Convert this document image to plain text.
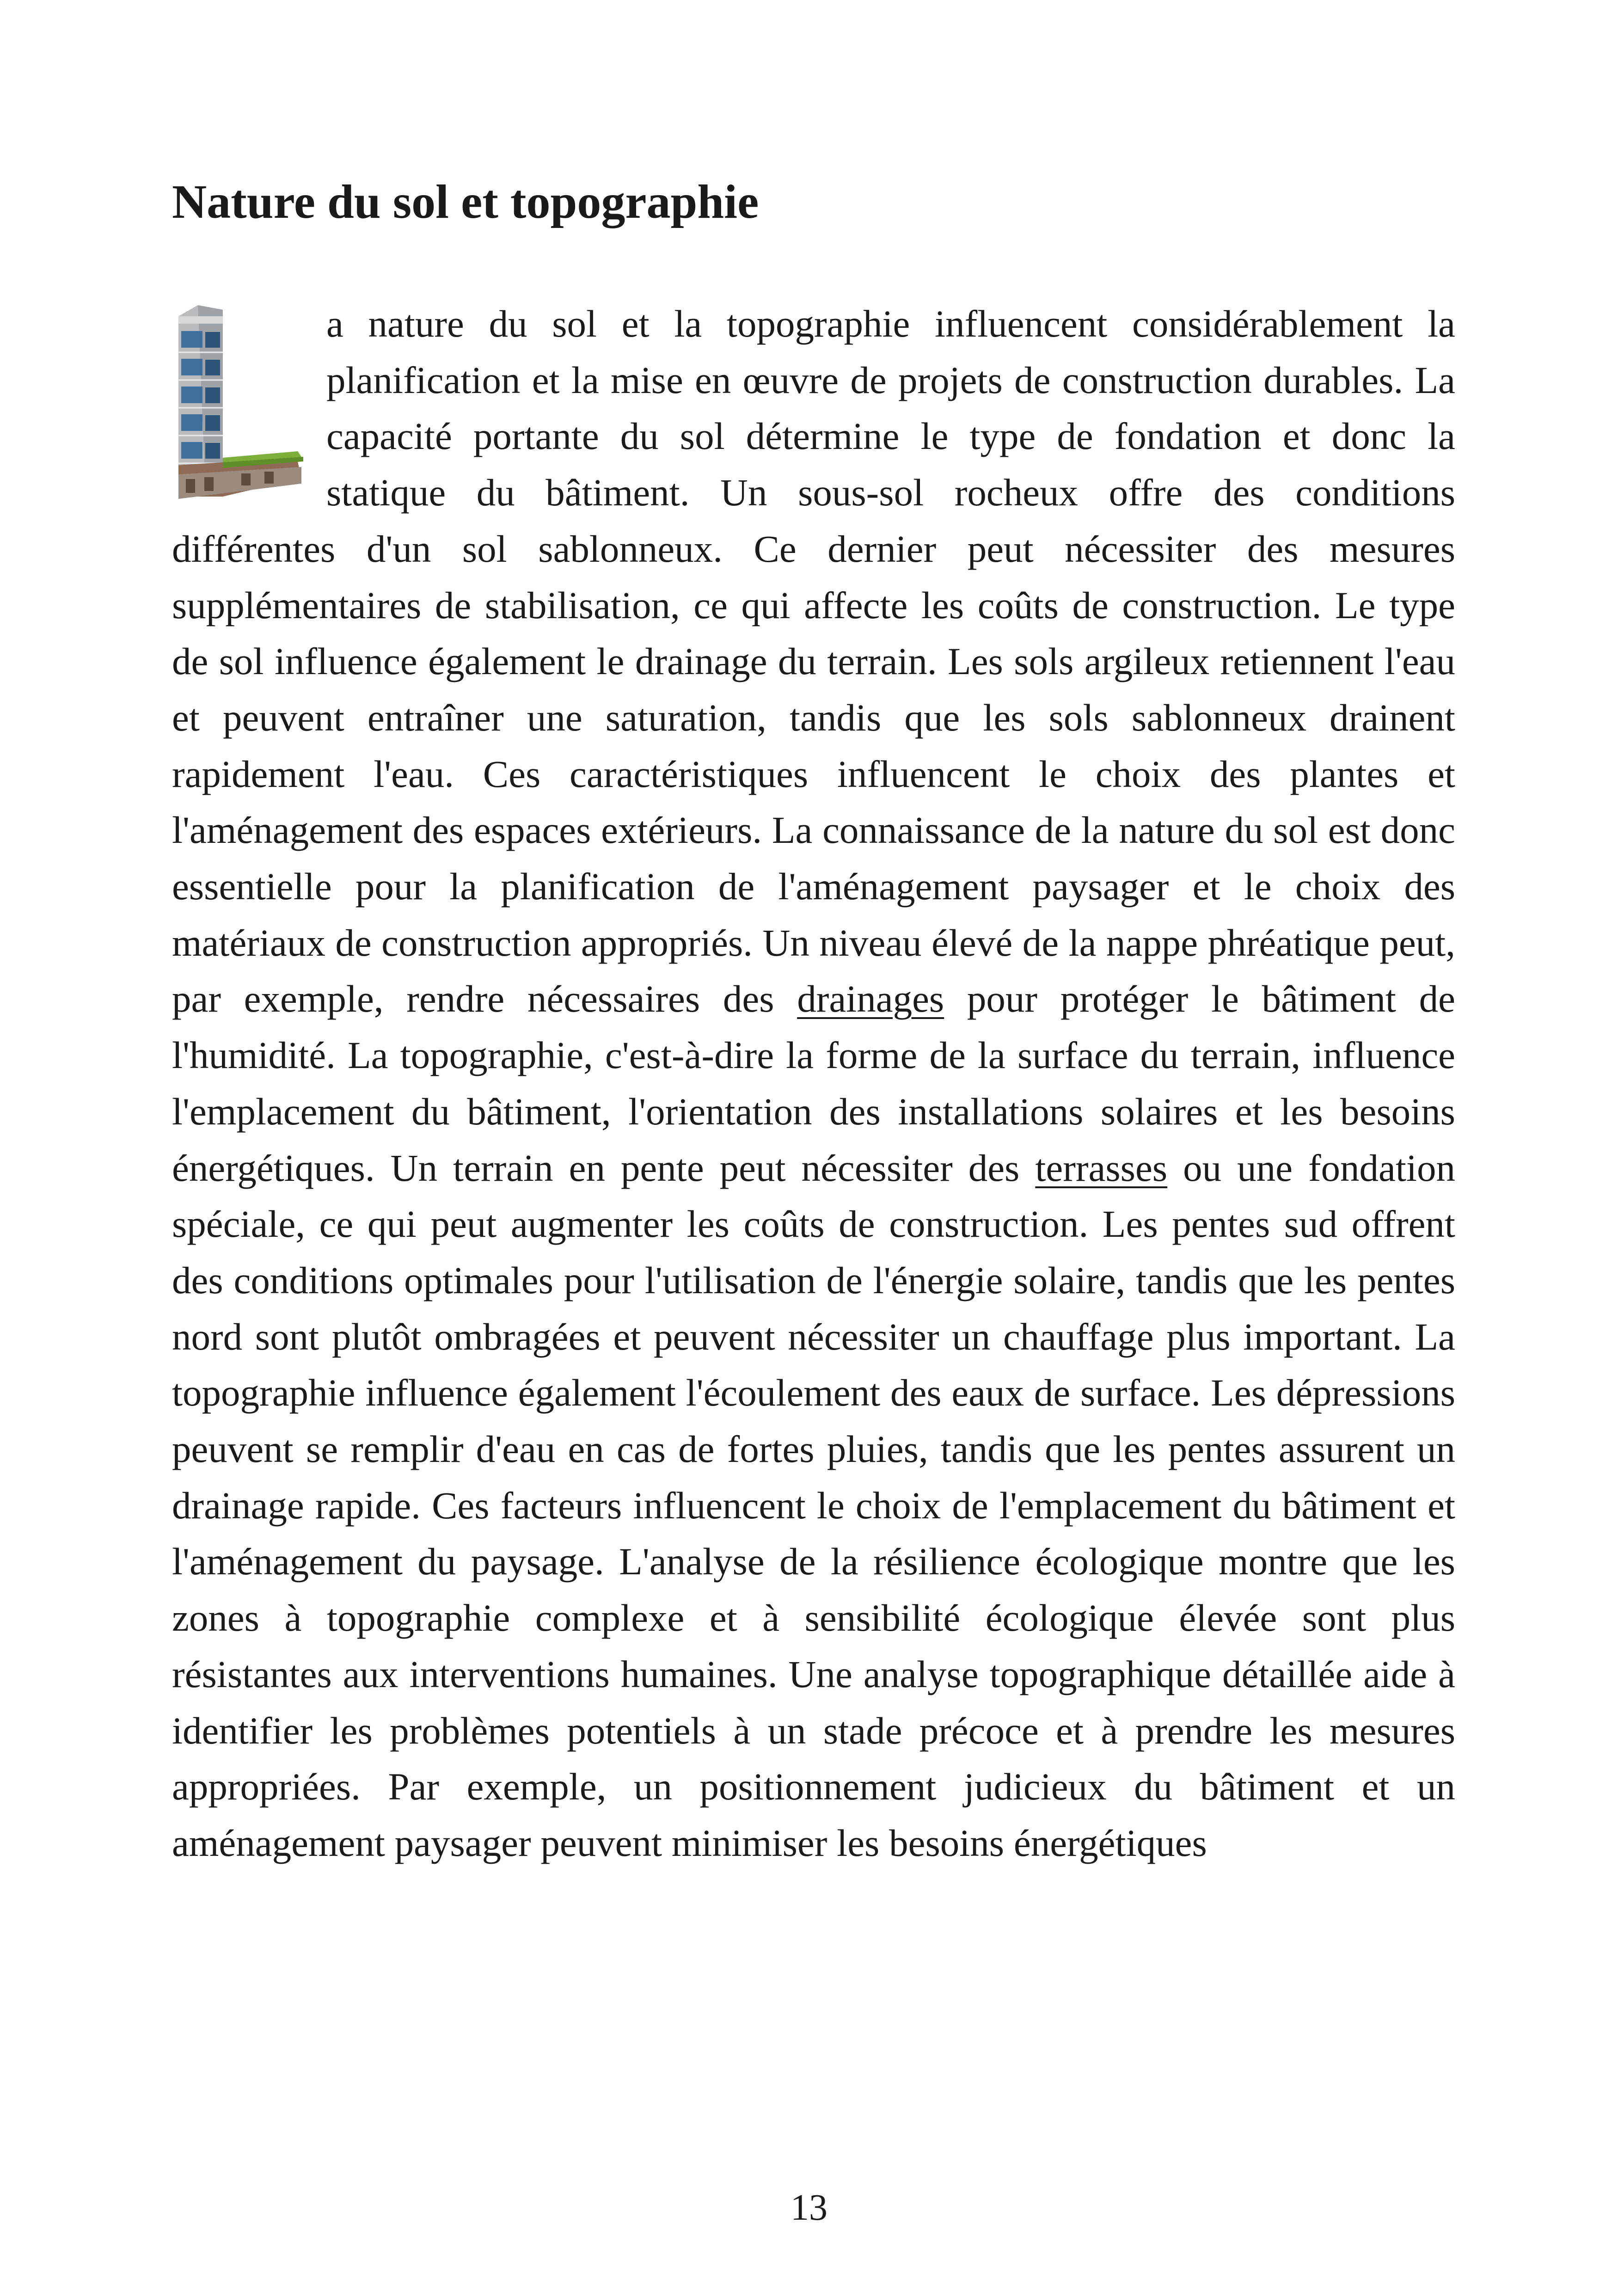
Nature du sol et topographie
a nature du sol et la topographie influencent considérablement la planification et la mise en œuvre de projets de construction durables. La capacité portante du sol détermine le type de fondation et donc la statique du bâtiment. Un sous-sol rocheux offre des conditions différentes d'un sol sablonneux. Ce dernier peut nécessiter des mesures supplémentaires de stabilisation, ce qui affecte les coûts de construction. Le type de sol influence également le drainage du terrain. Les sols argileux retiennent l'eau et peuvent entraîner une saturation, tandis que les sols sablonneux drainent rapidement l'eau. Ces caractéristiques influencent le choix des plantes et l'aménagement des espaces extérieurs. La connaissance de la nature du sol est donc essentielle pour la planification de l'aménagement paysager et le choix des matériaux de construction appropriés. Un niveau élevé de la nappe phréatique peut, par exemple, rendre nécessaires des drainages pour protéger le bâtiment de l'humidité. La topographie, c'est-à-dire la forme de la surface du terrain, influence l'emplacement du bâtiment, l'orientation des installations solaires et les besoins énergétiques. Un terrain en pente peut nécessiter des terrasses ou une fondation spéciale, ce qui peut augmenter les coûts de construction. Les pentes sud offrent des conditions optimales pour l'utilisation de l'énergie solaire, tandis que les pentes nord sont plutôt ombragées et peuvent nécessiter un chauffage plus important. La topographie influence également l'écoulement des eaux de surface. Les dépressions peuvent se remplir d'eau en cas de fortes pluies, tandis que les pentes assurent un drainage rapide. Ces facteurs influencent le choix de l'emplacement du bâtiment et l'aménagement du paysage. L'analyse de la résilience écologique montre que les zones à topographie complexe et à sensibilité écologique élevée sont plus résistantes aux interventions humaines. Une analyse topographique détaillée aide à identifier les problèmes potentiels à un stade précoce et à prendre les mesures appropriées. Par exemple, un positionnement judicieux du bâtiment et un aménagement paysager peuvent minimiser les besoins énergétiques
13
